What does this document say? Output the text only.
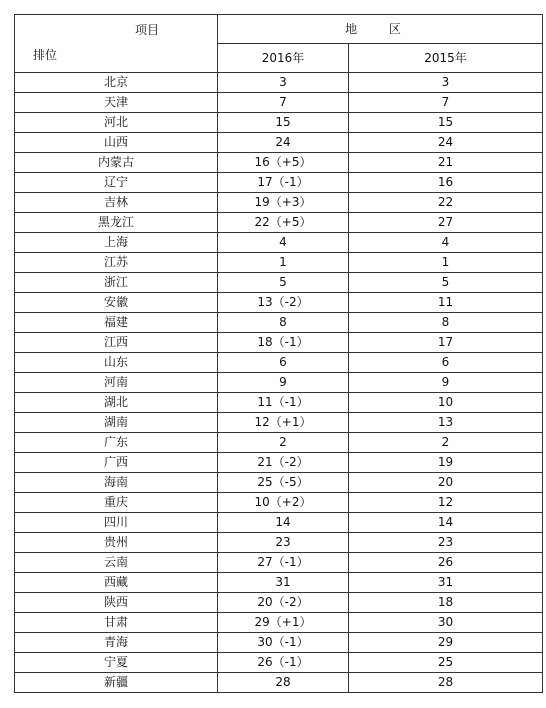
项目
排位	地 区	
	2016年	2015年
北京	3	3
天津	7	7
河北	15	15
山西	24	24
内蒙古	16（+5）	21
辽宁	17（-1）	16
吉林	19（+3）	22
黑龙江	22（+5）	27
上海	4	4
江苏	1	1
浙江	5	5
安徽	13（-2）	11
福建	8	8
江西	18（-1）	17
山东	6	6
河南	9	9
湖北	11（-1）	10
湖南	12（+1）	13
广东	2	2
广西	21（-2）	19
海南	25（-5）	20
重庆	10（+2）	12
四川	14	14
贵州	23	23
云南	27（-1）	26
西藏	31	31
陕西	20（-2）	18
甘肃	29（+1）	30
青海	30（-1）	29
宁夏	26（-1）	25
新疆	28	28
